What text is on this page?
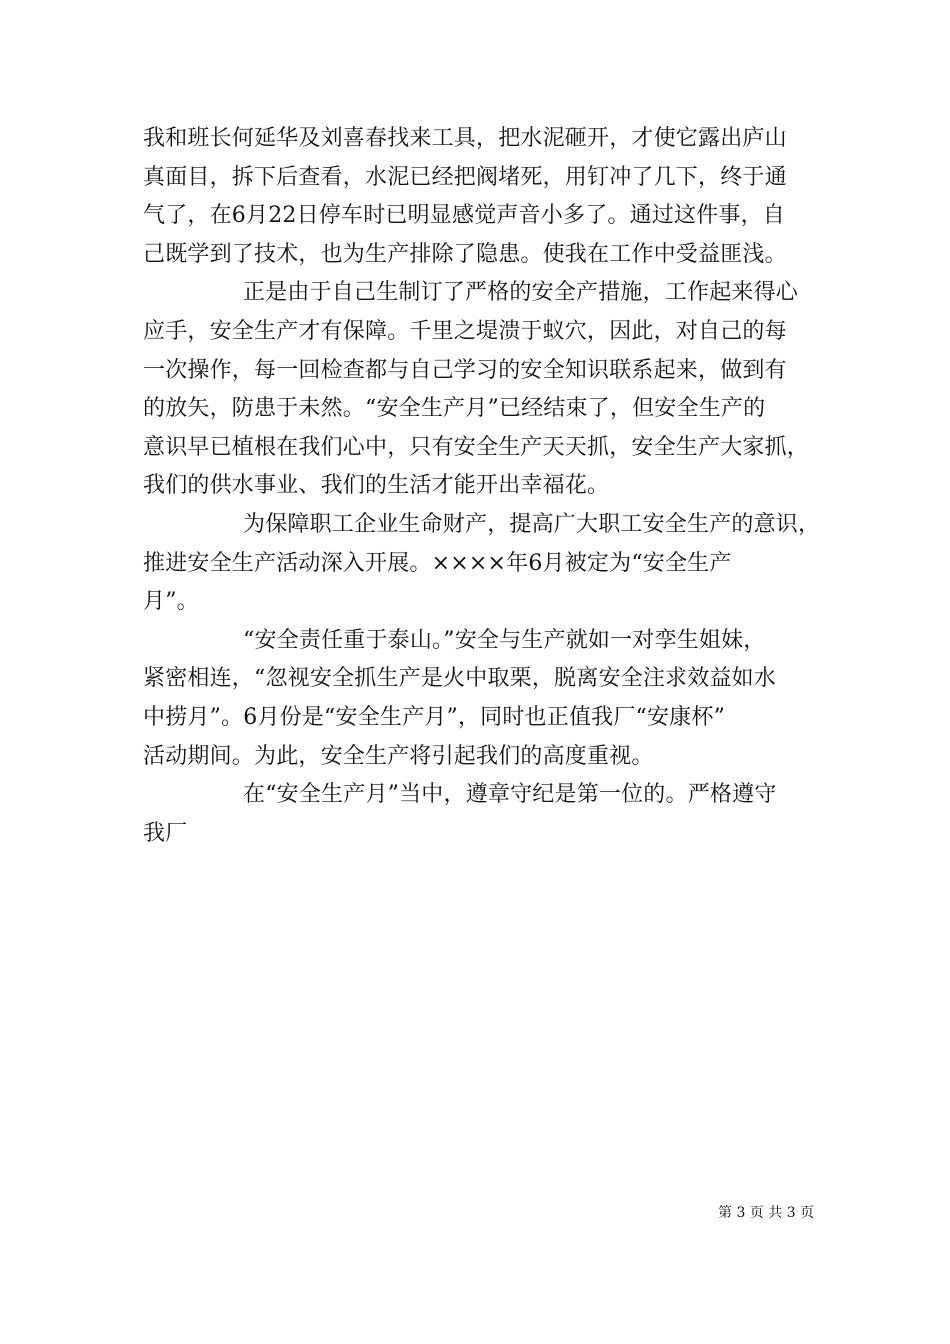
我和班长何延华及刘喜春找来工具，把水泥砸开，才使它露出庐山
真面目，拆下后查看，水泥已经把阀堵死，用钉冲了几下，终于通
气了，在6月22日停车时已明显感觉声音小多了。通过这件事，自
己既学到了技术，也为生产排除了隐患。使我在工作中受益匪浅。
正是由于自己生制订了严格的安全产措施，工作起来得心
应手，安全生产才有保障。千里之堤溃于蚁穴，因此，对自己的每
一次操作，每一回检查都与自己学习的安全知识联系起来，做到有
的放矢，防患于未然。“安全生产月”已经结束了，但安全生产的
意识早已植根在我们心中，只有安全生产天天抓，安全生产大家抓，
我们的供水事业、我们的生活才能开出幸福花。
为保障职工企业生命财产，提高广大职工安全生产的意识，
推进安全生产活动深入开展。××××年6月被定为“安全生产
月”。
“安全责任重于泰山。”安全与生产就如一对孪生姐妹，
紧密相连，“忽视安全抓生产是火中取栗，脱离安全注求效益如水
中捞月”。6月份是“安全生产月”，同时也正值我厂“安康杯”
活动期间。为此，安全生产将引起我们的高度重视。
在“安全生产月”当中，遵章守纪是第一位的。严格遵守
我厂
第 3 页 共 3 页
